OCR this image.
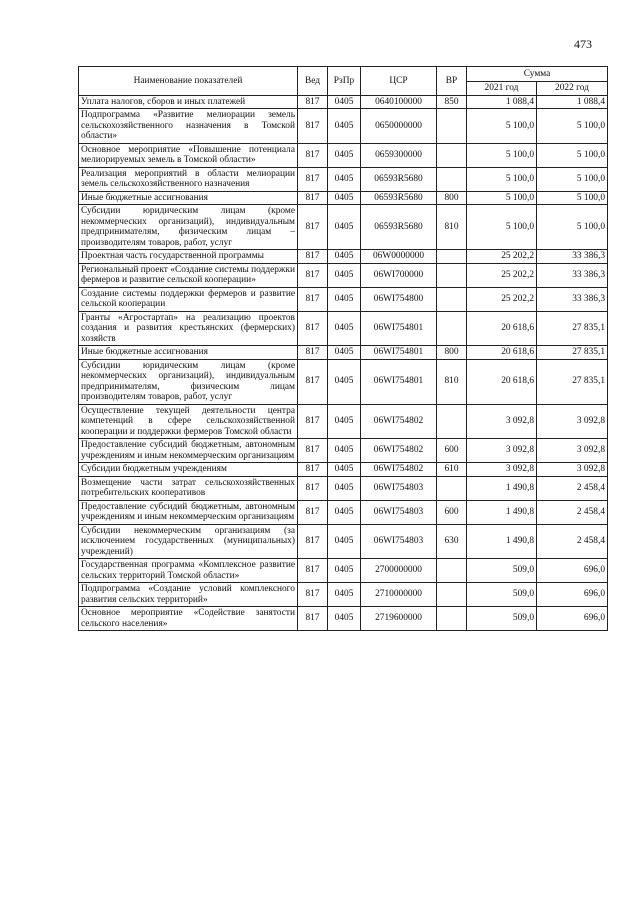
473
Наименование показателей	Вед	РзПр	ЦСР	ВР	Сумма	
					2021 год	2022 год
Уплата налогов, сборов и иных платежей	817	0405	0640100000	850	1 088,4	1 088,4
Подпрограмма «Развитие мелиорации земель сельскохозяйственного назначения в Томской области»	817	0405	0650000000		5 100,0	5 100,0
Основное мероприятие «Повышение потенциала мелиорируемых земель в Томской области»	817	0405	0659300000		5 100,0	5 100,0
Реализация мероприятий в области мелиорации земель сельскохозяйственного назначения	817	0405	06593R5680		5 100,0	5 100,0
Иные бюджетные ассигнования	817	0405	06593R5680	800	5 100,0	5 100,0
Субсидии юридическим лицам (кроме некоммерческих организаций), индивидуальным предпринимателям, физическим лицам – производителям товаров, работ, услуг	817	0405	06593R5680	810	5 100,0	5 100,0
Проектная часть государственной программы	817	0405	06W0000000		25 202,2	33 386,3
Региональный проект «Создание системы поддержки фермеров и развитие сельской кооперации»	817	0405	06WI700000		25 202,2	33 386,3
Создание системы поддержки фермеров и развитие сельской кооперации	817	0405	06WI754800		25 202,2	33 386,3
Гранты «Агростартап» на реализацию проектов создания и развития крестьянских (фермерских) хозяйств	817	0405	06WI754801		20 618,6	27 835,1
Иные бюджетные ассигнования	817	0405	06WI754801	800	20 618,6	27 835,1
Субсидии юридическим лицам (кроме некоммерческих организаций), индивидуальным предпринимателям, физическим лицам производителям товаров, работ, услуг	817	0405	06WI754801	810	20 618,6	27 835,1
Осуществление текущей деятельности центра компетенций в сфере сельскохозяйственной кооперации и поддержки фермеров Томской области	817	0405	06WI754802		3 092,8	3 092,8
Предоставление субсидий бюджетным, автономным учреждениям и иным некоммерческим организациям	817	0405	06WI754802	600	3 092,8	3 092,8
Субсидии бюджетным учреждениям	817	0405	06WI754802	610	3 092,8	3 092,8
Возмещение части затрат сельскохозяйственных потребительских кооперативов	817	0405	06WI754803		1 490,8	2 458,4
Предоставление субсидий бюджетным, автономным учреждениям и иным некоммерческим организациям	817	0405	06WI754803	600	1 490,8	2 458,4
Субсидии некоммерческим организациям (за исключением государственных (муниципальных) учреждений)	817	0405	06WI754803	630	1 490,8	2 458,4
Государственная программа «Комплексное развитие сельских территорий Томской области»	817	0405	2700000000		509,0	696,0
Подпрограмма «Создание условий комплексного развития сельских территорий»	817	0405	2710000000		509,0	696,0
Основное мероприятие «Содействие занятости сельского населения»	817	0405	2719600000		509,0	696,0
